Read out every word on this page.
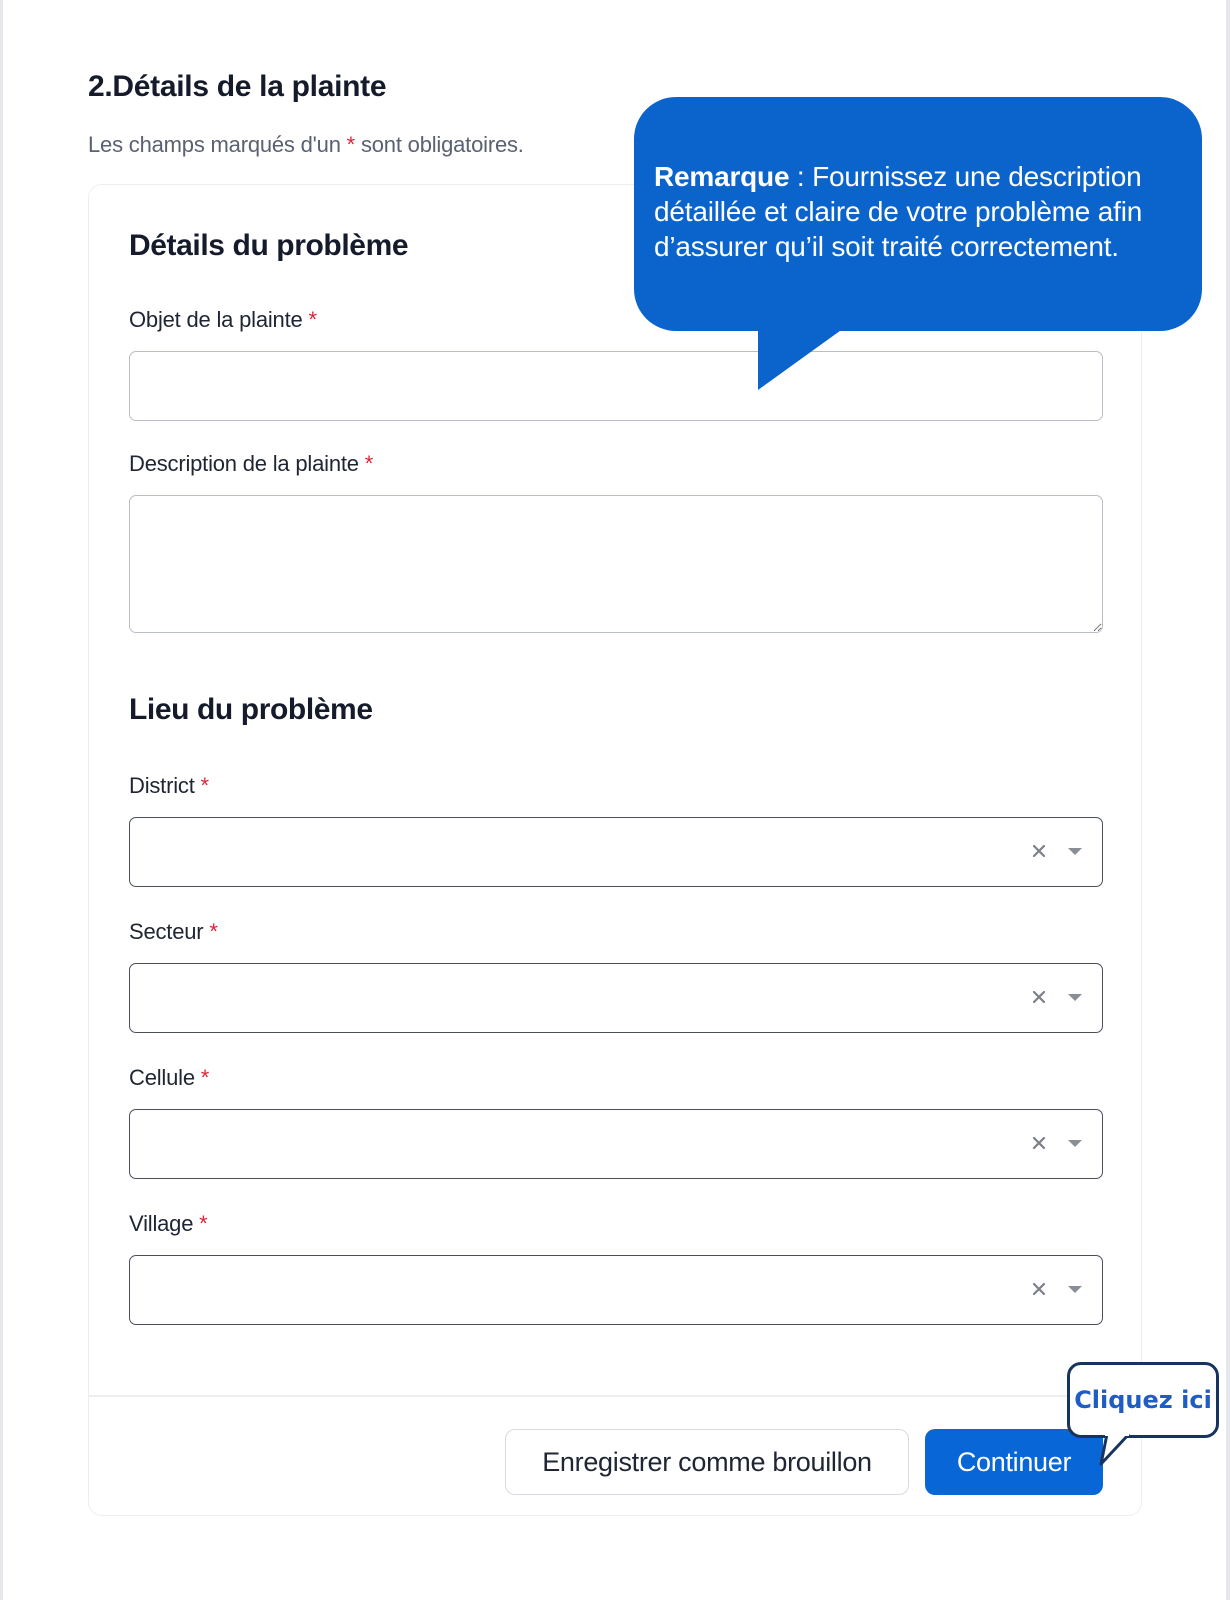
2.Détails de la plainte
Les champs marqués d'un * sont obligatoires.
Détails du problème
Objet de la plainte *
Description de la plainte *
Lieu du problème
District *
Secteur *
Cellule *
Village *
Enregistrer comme brouillon	Continuer
Remarque : Fournissez une description détaillée et claire de votre problème afin d’assurer qu’il soit traité correctement.
Cliquez ici
